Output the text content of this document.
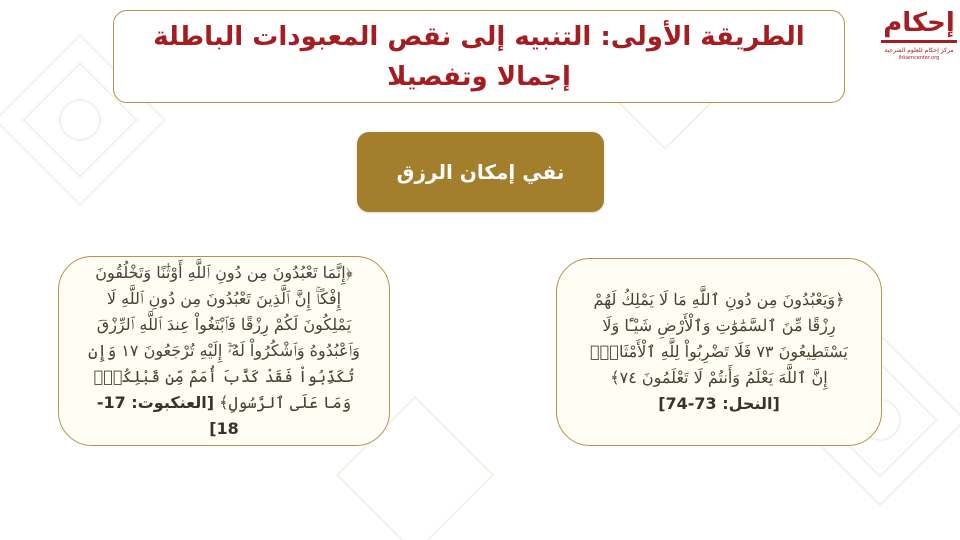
الطريقة الأولى: التنبيه إلى نقص المعبودات الباطلة إجمالا وتفصيلا
إحكام
مركز إحكام للعلوم الشرعية
ihkamcenter.org
نفي إمكان الرزق
﴿إِنَّمَا تَعْبُدُونَ مِن دُونِ ٱللَّهِ أَوْثَٰنًا وَتَخْلُقُونَ إِفْكًاۚ إِنَّ ٱلَّذِينَ تَعْبُدُونَ مِن دُونِ ٱللَّهِ لَا يَمْلِكُونَ لَكُمْ رِزْقًا فَٱبْتَغُواْ عِندَ ٱللَّهِ ٱلرِّزْقَ وَٱعْبُدُوهُ وَٱشْكُرُواْ لَهُۥٓۖ إِلَيْهِ تُرْجَعُونَ ١٧ وَإِن تُكَذِّبُواْ فَقَدْ كَذَّبَ أُمَمٌ مِّن قَبْلِكُمْۖ وَمَا عَلَى ٱلرَّسُولِ﴾ [العنكبوت: 17-18]
﴿وَيَعْبُدُونَ مِن دُونِ ٱللَّهِ مَا لَا يَمْلِكُ لَهُمْ رِزْقًا مِّنَ ٱلسَّمَٰوَٰتِ وَٱلْأَرْضِ شَيْـًٔا وَلَا يَسْتَطِيعُونَ ٧٣ فَلَا تَضْرِبُواْ لِلَّهِ ٱلْأَمْثَالَۚ إِنَّ ٱللَّهَ يَعْلَمُ وَأَنتُمْ لَا تَعْلَمُونَ ٧٤﴾ [النحل: 73-74]
